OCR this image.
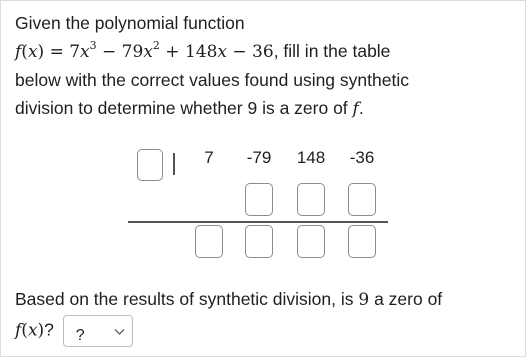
Given the polynomial function
$f(x) = 7x^3 - 79x^2 + 148x - 36$, fill in the table
below with the correct values found using synthetic
division to determine whether 9 is a zero of f.
7	-79	148	-36
Based on the results of synthetic division, is 9 a zero of
f(x)? ?
